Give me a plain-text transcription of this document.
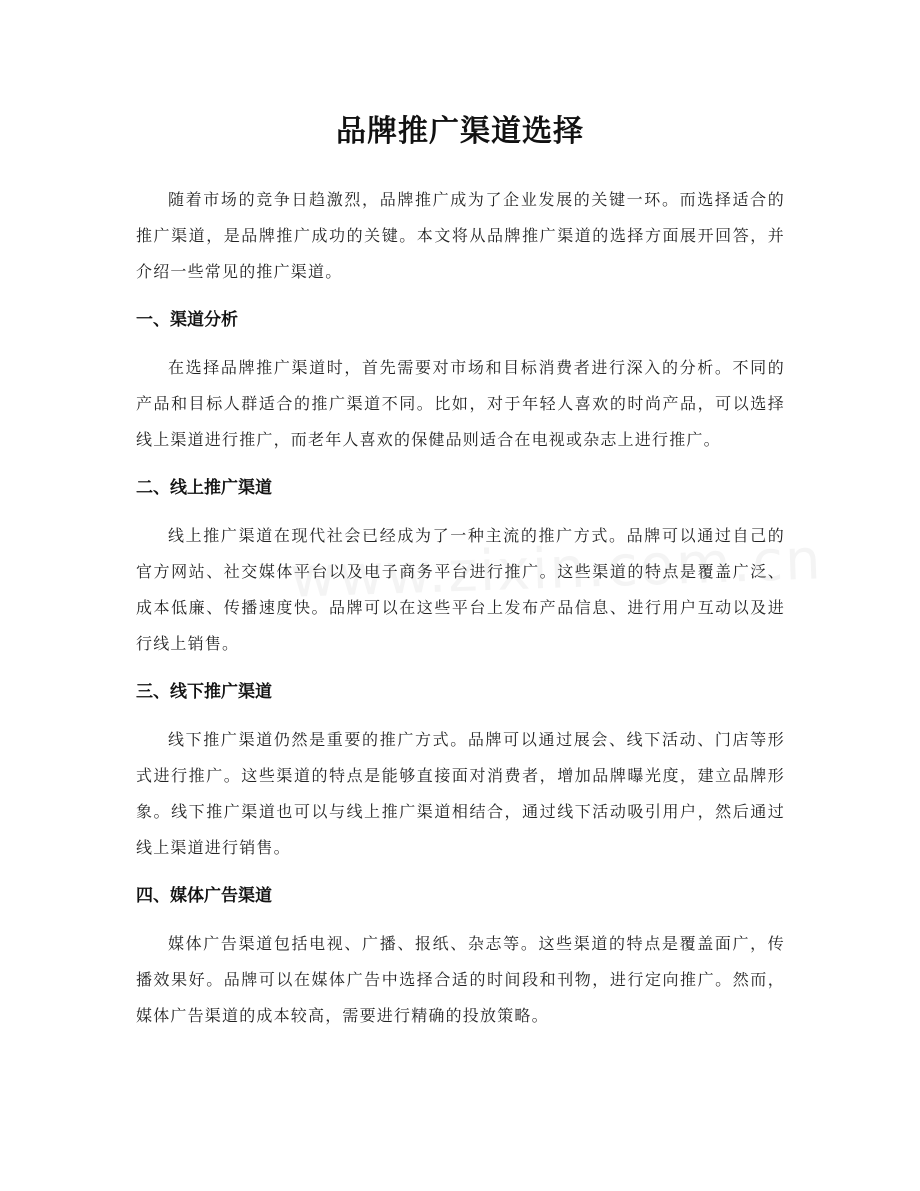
品牌推广渠道选择

随着市场的竞争日趋激烈，品牌推广成为了企业发展的关键一环。而选择适合的推广渠道，是品牌推广成功的关键。本文将从品牌推广渠道的选择方面展开回答，并介绍一些常见的推广渠道。

一、渠道分析

在选择品牌推广渠道时，首先需要对市场和目标消费者进行深入的分析。不同的产品和目标人群适合的推广渠道不同。比如，对于年轻人喜欢的时尚产品，可以选择线上渠道进行推广，而老年人喜欢的保健品则适合在电视或杂志上进行推广。

二、线上推广渠道

线上推广渠道在现代社会已经成为了一种主流的推广方式。品牌可以通过自己的官方网站、社交媒体平台以及电子商务平台进行推广。这些渠道的特点是覆盖广泛、成本低廉、传播速度快。品牌可以在这些平台上发布产品信息、进行用户互动以及进行线上销售。

三、线下推广渠道

线下推广渠道仍然是重要的推广方式。品牌可以通过展会、线下活动、门店等形式进行推广。这些渠道的特点是能够直接面对消费者，增加品牌曝光度，建立品牌形象。线下推广渠道也可以与线上推广渠道相结合，通过线下活动吸引用户，然后通过线上渠道进行销售。

四、媒体广告渠道

媒体广告渠道包括电视、广播、报纸、杂志等。这些渠道的特点是覆盖面广，传播效果好。品牌可以在媒体广告中选择合适的时间段和刊物，进行定向推广。然而，媒体广告渠道的成本较高，需要进行精确的投放策略。
